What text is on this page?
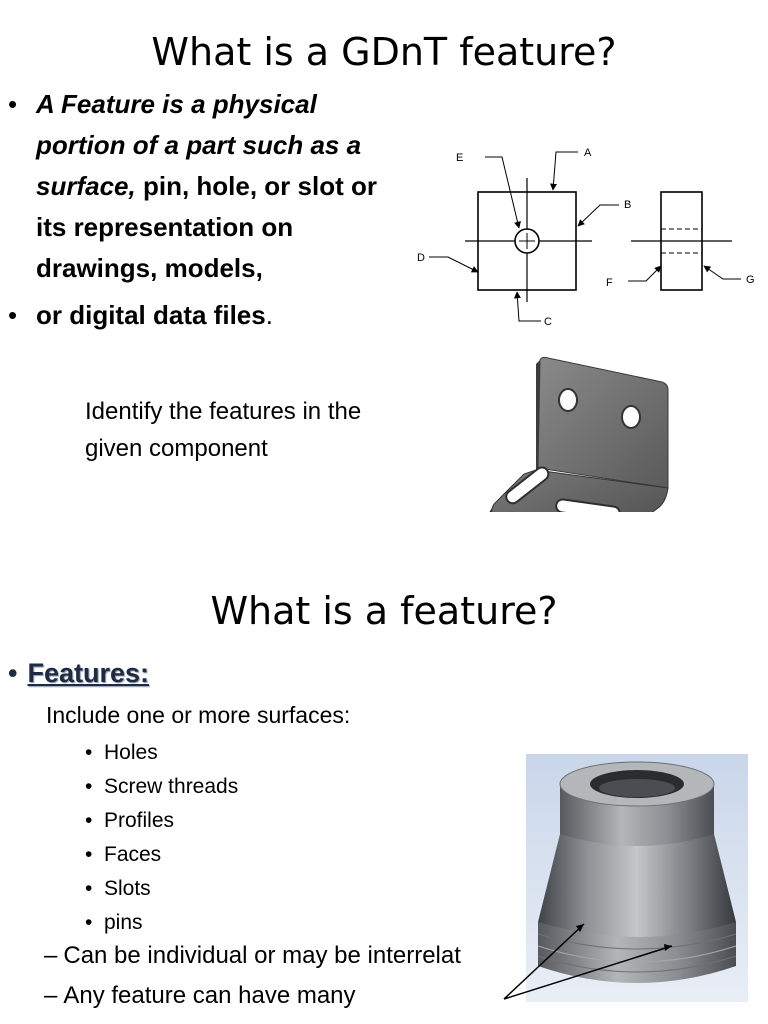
What is a GDnT feature?
• A Feature is a physical portion of a part such as a surface, pin, hole, or slot or its representation on drawings, models,
• or digital data files.
E	A
B
D
C
F	G
Identify the features in the given component
What is a feature?
• Features:
Include one or more surfaces:
• Holes
• Screw threads
• Profiles
• Faces
• Slots
• pins
– Can be individual or may be interrelat
– Any feature can have many
